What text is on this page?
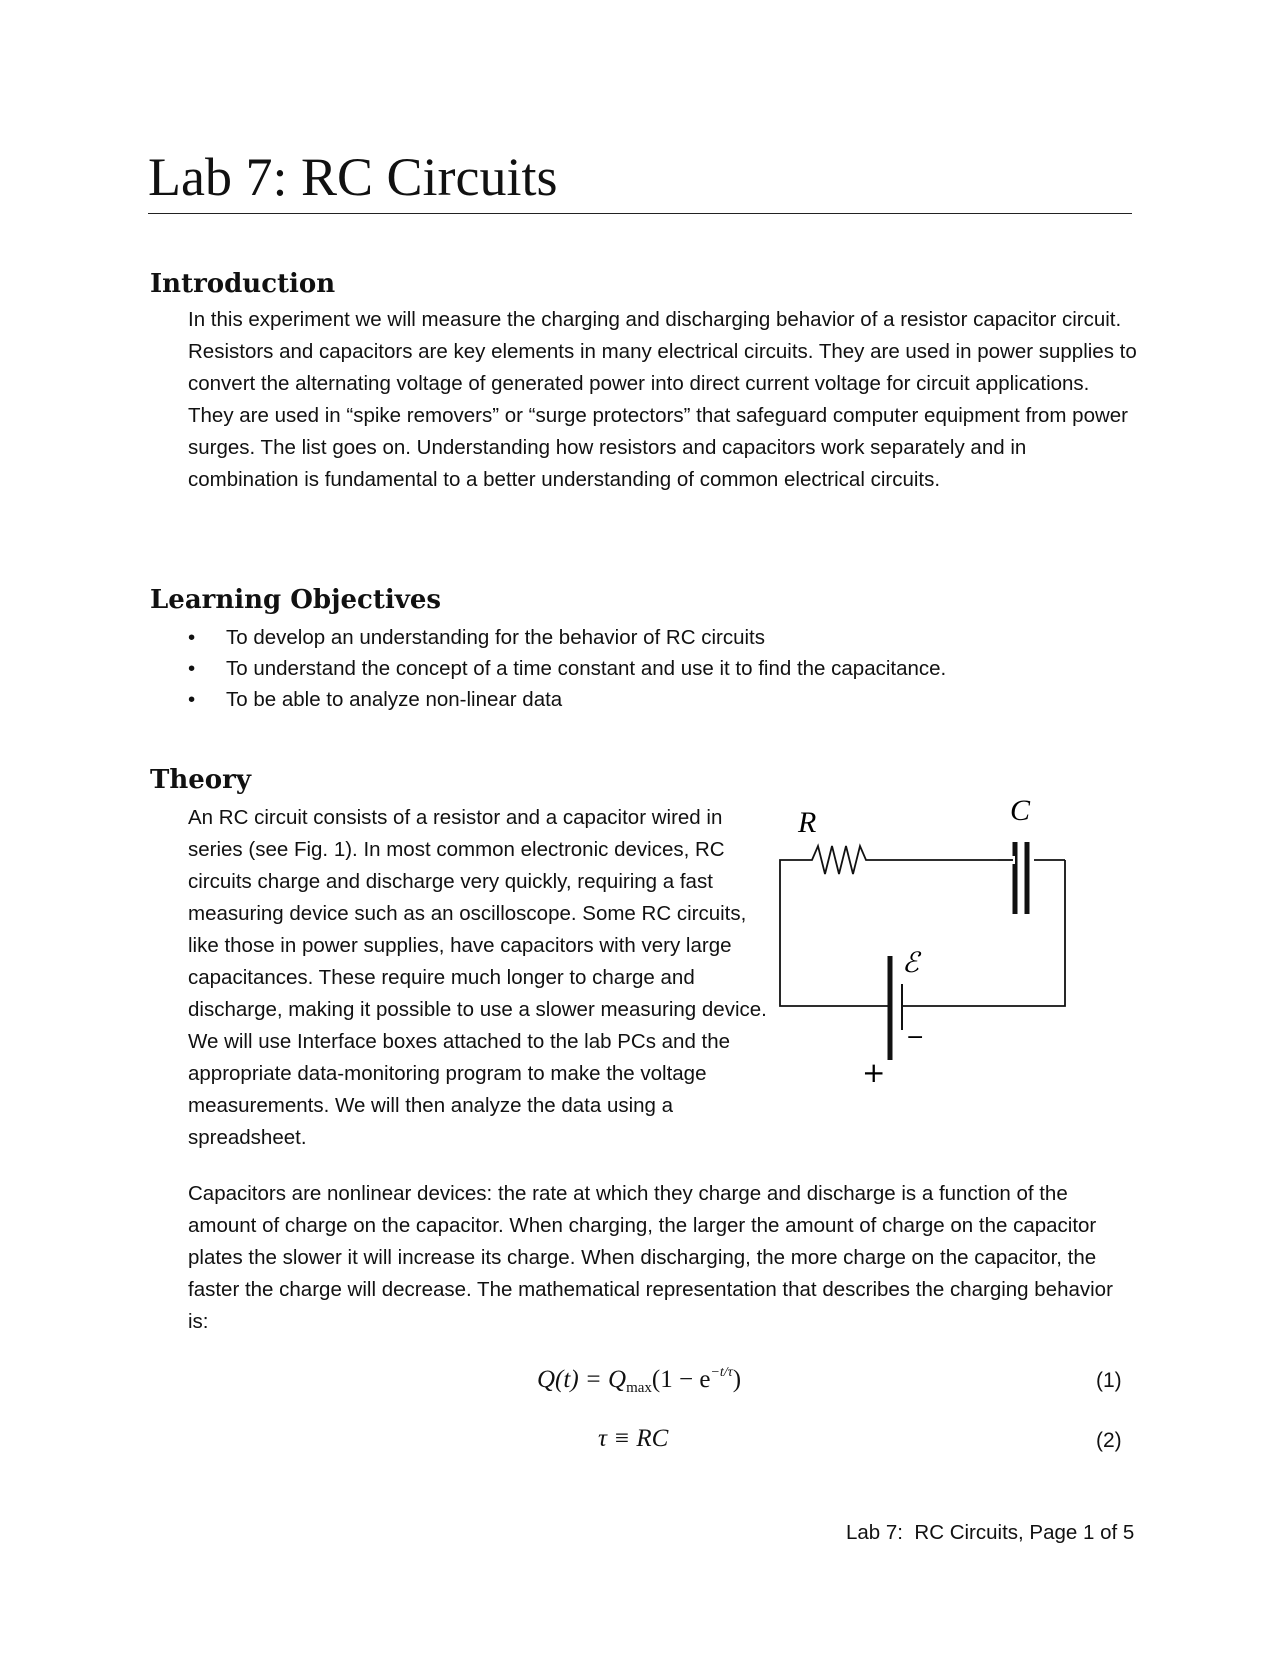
Lab 7: RC Circuits
Introduction

In this experiment we will measure the charging and discharging behavior of a resistor capacitor circuit. Resistors and capacitors are key elements in many electrical circuits. They are used in power supplies to convert the alternating voltage of generated power into direct current voltage for circuit applications. They are used in “spike removers” or “surge protectors” that safeguard computer equipment from power surges. The list goes on. Understanding how resistors and capacitors work separately and in combination is fundamental to a better understanding of common electrical circuits.

Learning Objectives
• To develop an understanding for the behavior of RC circuits
• To understand the concept of a time constant and use it to find the capacitance.
• To be able to analyze non-linear data
Theory

An RC circuit consists of a resistor and a capacitor wired in series (see Fig. 1). In most common electronic devices, RC circuits charge and discharge very quickly, requiring a fast measuring device such as an oscilloscope. Some RC circuits, like those in power supplies, have capacitors with very large capacitances. These require much longer to charge and discharge, making it possible to use a slower measuring device. We will use Interface boxes attached to the lab PCs and the appropriate data-monitoring program to make the voltage measurements. We will then analyze the data using a spreadsheet.

R	C
ℰ
+
−

Capacitors are nonlinear devices: the rate at which they charge and discharge is a function of the amount of charge on the capacitor. When charging, the larger the amount of charge on the capacitor plates the slower it will increase its charge. When discharging, the more charge on the capacitor, the faster the charge will decrease. The mathematical representation that describes the charging behavior is:

$Q(t) = Q_{max}(1 - e^{-t/\tau})$	(1)
τ ≡ RC	(2)
Lab 7:  RC Circuits, Page 1 of 5
